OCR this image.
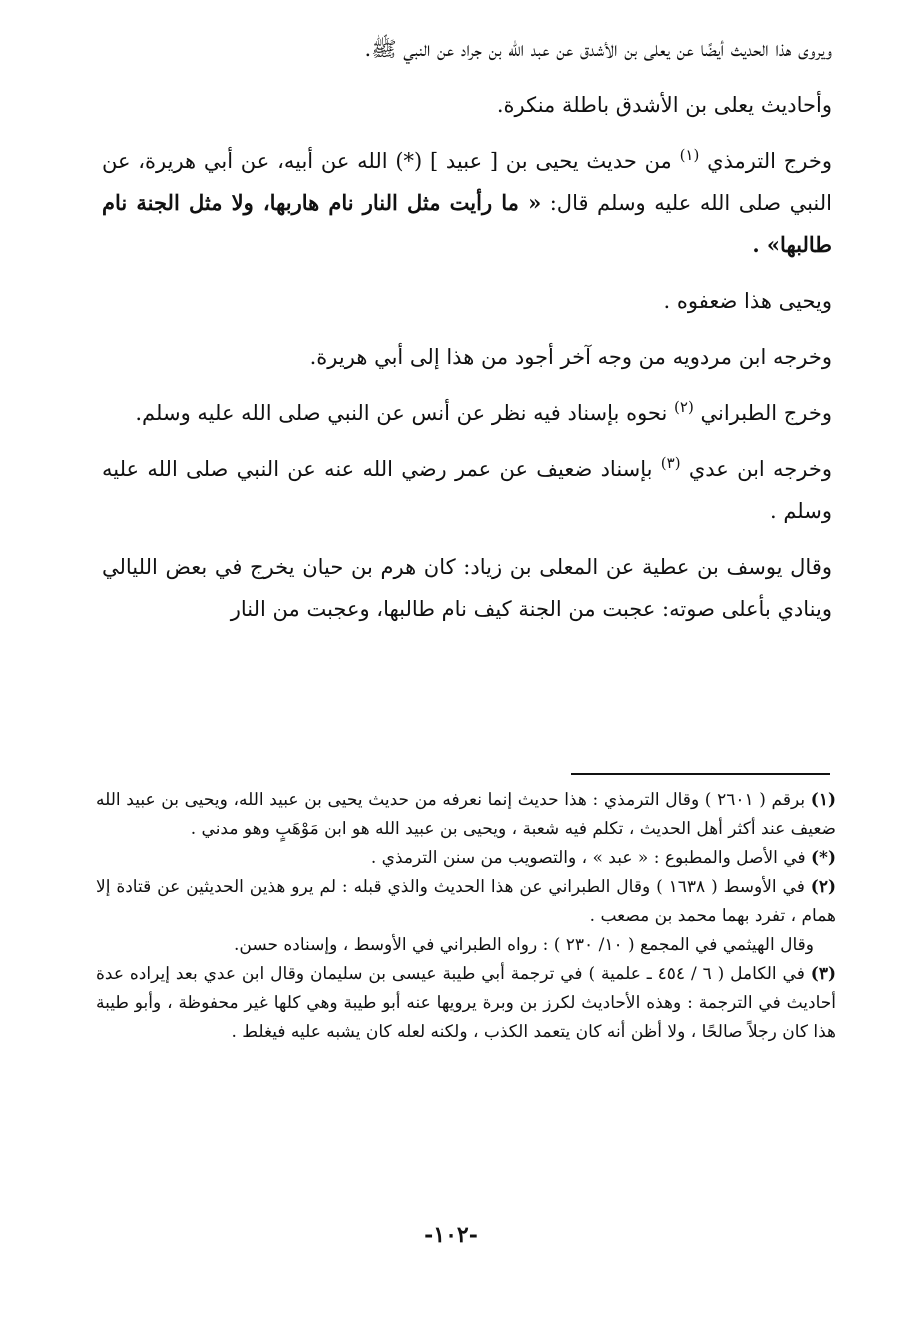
ويروى هذا الحديث أيضًا عن يعلى بن الأشدق عن عبد الله بن جراد عن النبي ﷺ.

وأحاديث يعلى بن الأشدق باطلة منكرة.

وخرج الترمذي $^{(١)}$ من حديث يحيى بن [ عبيد ] (*) الله عن أبيه، عن أبي هريرة، عن النبي صلى الله عليه وسلم قال: « ما رأيت مثل النار نام هاربها، ولا مثل الجنة نام طالبها» .

ويحيى هذا ضعفوه .

وخرجه ابن مردويه من وجه آخر أجود من هذا إلى أبي هريرة.

وخرج الطبراني $^{(٢)}$ نحوه بإسناد فيه نظر عن أنس عن النبي صلى الله عليه وسلم.

وخرجه ابن عدي $^{(٣)}$ بإسناد ضعيف عن عمر رضي الله عنه عن النبي صلى الله عليه وسلم .

وقال يوسف بن عطية عن المعلى بن زياد: كان هرم بن حيان يخرج في بعض الليالي وينادي بأعلى صوته: عجبت من الجنة كيف نام طالبها، وعجبت من النار

(١) برقم ( ٢٦٠١ ) وقال الترمذي : هذا حديث إنما نعرفه من حديث يحيى بن عبيد الله، ويحيى بن عبيد الله ضعيف عند أكثر أهل الحديث ، تكلم فيه شعبة ، ويحيى بن عبيد الله هو ابن مَوْهَبٍ وهو مدني .

(*) في الأصل والمطبوع : « عبد » ، والتصويب من سنن الترمذي .

(٢) في الأوسط ( ١٦٣٨ ) وقال الطبراني عن هذا الحديث والذي قبله : لم يرو هذين الحديثين عن قتادة إلا همام ، تفرد بهما محمد بن مصعب .

وقال الهيثمي في المجمع ( ١٠/ ٢٣٠ ) : رواه الطبراني في الأوسط ، وإسناده حسن.

(٣) في الكامل ( ٦ / ٤٥٤ ـ علمية ) في ترجمة أبي طيبة عيسى بن سليمان وقال ابن عدي بعد إيراده عدة أحاديث في الترجمة : وهذه الأحاديث لكرز بن وبرة يرويها عنه أبو طيبة وهي كلها غير محفوظة ، وأبو طيبة هذا كان رجلاً صالحًا ، ولا أظن أنه كان يتعمد الكذب ، ولكنه لعله كان يشبه عليه فيغلط .

-١٠٢-
